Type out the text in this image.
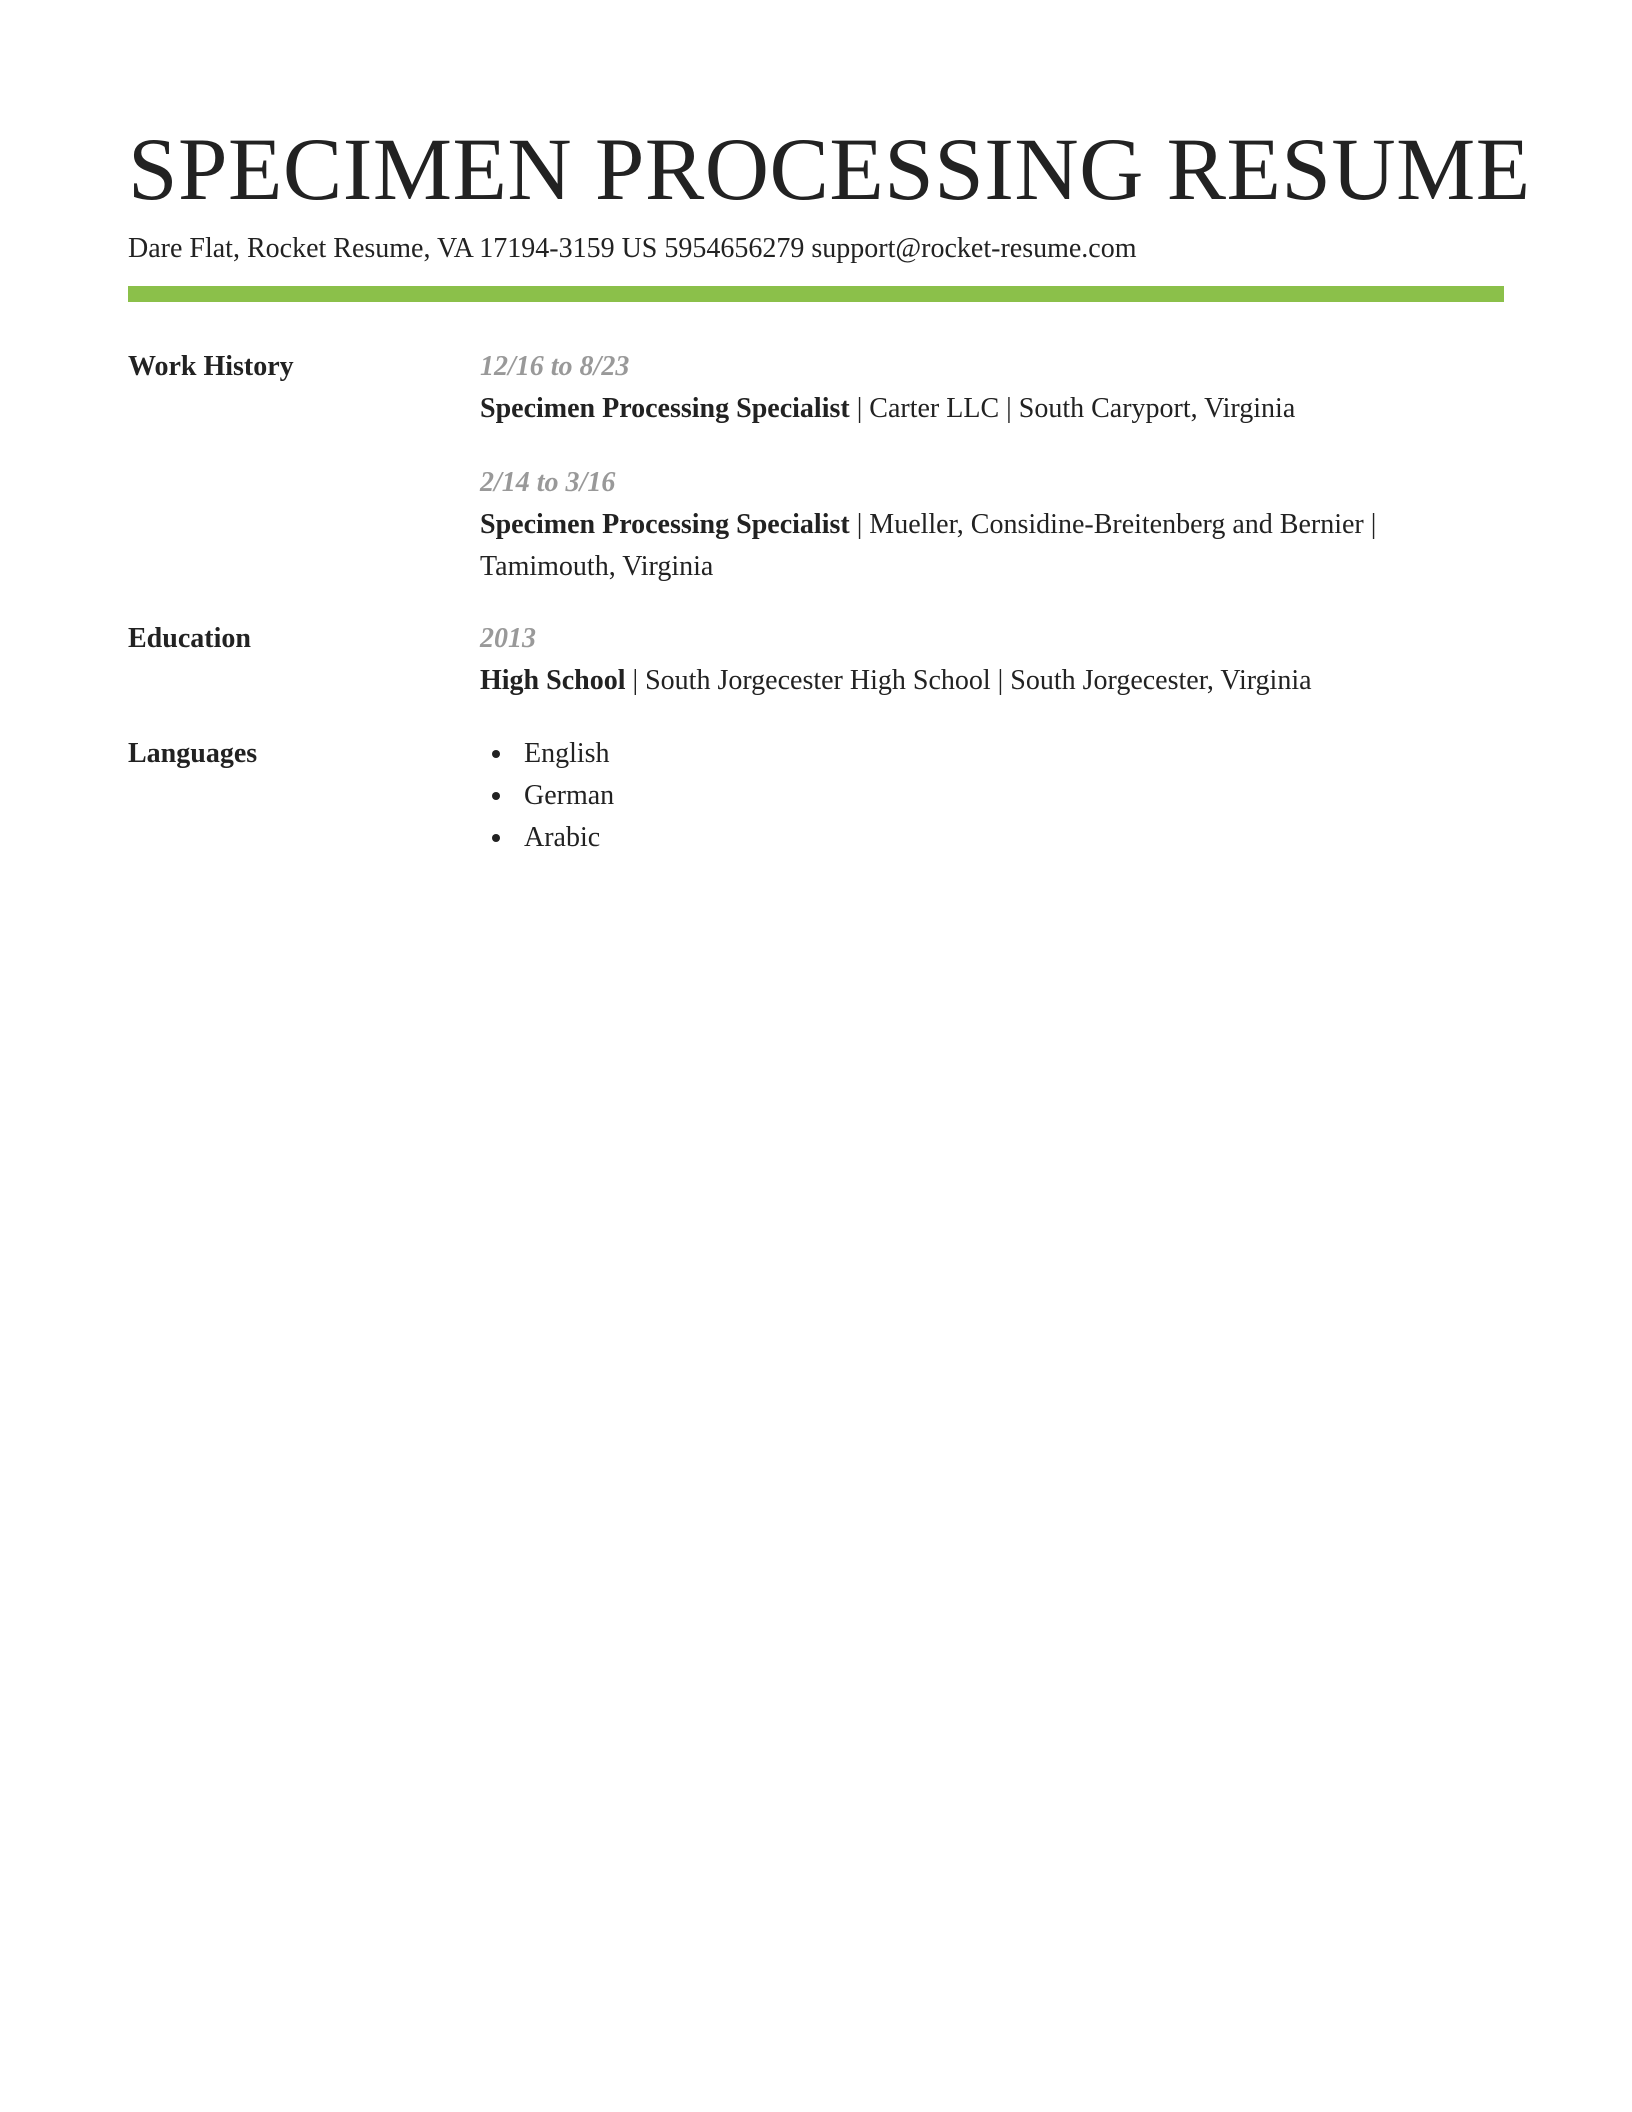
SPECIMEN PROCESSING RESUME
Dare Flat, Rocket Resume, VA 17194-3159 US 5954656279 support@rocket-resume.com
Work History	12/16 to 8/23
Specimen Processing Specialist | Carter LLC | South Caryport, Virginia
2/14 to 3/16
Specimen Processing Specialist | Mueller, Considine-Breitenberg and Bernier | Tamimouth, Virginia
Education	2013
High School | South Jorgecester High School | South Jorgecester, Virginia
Languages	English
German
Arabic
